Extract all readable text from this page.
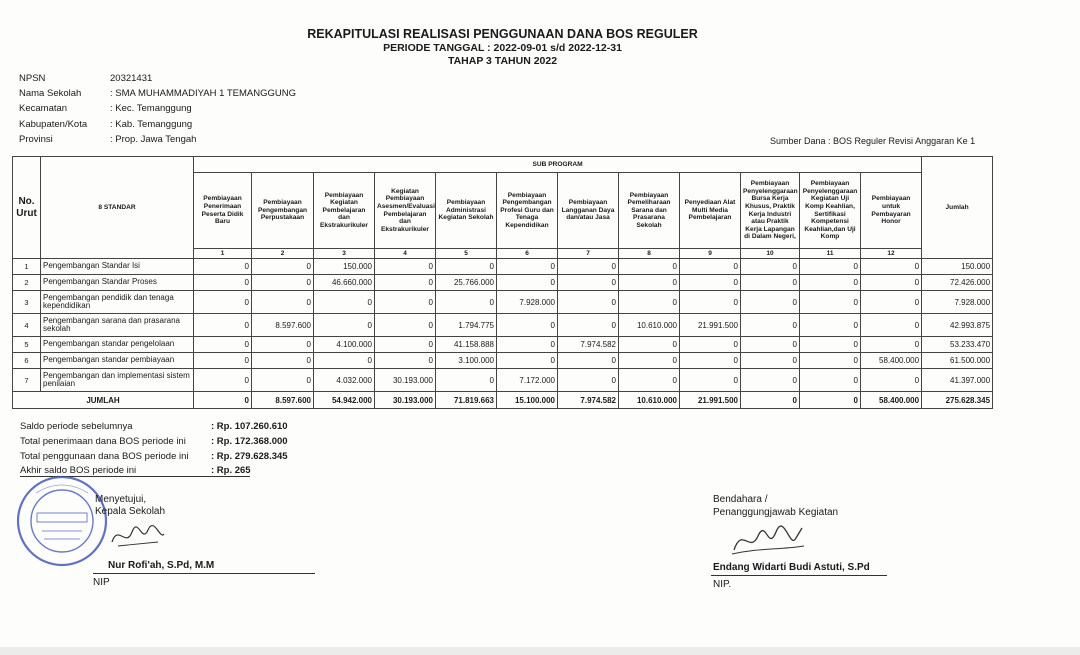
REKAPITULASI REALISASI PENGGUNAAN DANA BOS REGULER
PERIODE TANGGAL : 2022-09-01 s/d 2022-12-31
TAHAP 3 TAHUN 2022
NPSN	20321431
Nama Sekolah	: SMA MUHAMMADIYAH 1 TEMANGGUNG
Kecamatan	: Kec. Temanggung
Kabupaten/Kota : Kab. Temanggung
Provinsi	: Prop. Jawa Tengah	Sumber Dana : BOS Reguler Revisi Anggaran Ke 1
No. Urut	8 STANDAR	SUB PROGRAM												Jumlah
		Pembiayaan Penerimaan Peserta Didik Baru	Pembiayaan Pengembangan Perpustakaan	Pembiayaan Kegiatan Pembelajaran dan Ekstrakurikuler	Kegiatan Pembiayaan Asesmen/Evaluasi Pembelajaran dan Ekstrakurikuler	Pembiayaan Administrasi Kegiatan Sekolah	Pembiayaan Pengembangan Profesi Guru dan Tenaga Kependidikan	Pembiayaan Langganan Daya dan/atau Jasa	Pembiayaan Pemeliharaan Sarana dan Prasarana Sekolah	Penyediaan Alat Multi Media Pembelajaran	Pembiayaan Penyelenggaraan Bursa Kerja Khusus, Praktik Kerja Industri atau Praktik Kerja Lapangan di Dalam Negeri,	Pembiayaan Penyelenggaraan Kegiatan Uji Komp Keahlian, Sertifikasi Kompetensi Keahlian,dan Uji Komp	Pembiayaan untuk Pembayaran Honor	
		1	2	3	4	5	6	7	8	9	10	11	12	
1	Pengembangan Standar Isi	0	0	150.000	0	0	0	0	0	0	0	0	0	150.000
2	Pengembangan Standar Proses	0	0	46.660.000	0	25.766.000	0	0	0	0	0	0	0	72.426.000
3	Pengembangan pendidik dan tenaga kependidikan	0	0	0	0	0	7.928.000	0	0	0	0	0	0	7.928.000
4	Pengembangan sarana dan prasarana sekolah	0	8.597.600	0	0	1.794.775	0	0	10.610.000	21.991.500	0	0	0	42.993.875
5	Pengembangan standar pengelolaan	0	0	4.100.000	0	41.158.888	0	7.974.582	0	0	0	0	0	53.233.470
6	Pengembangan standar pembiayaan	0	0	0	0	3.100.000	0	0	0	0	0	0	58.400.000	61.500.000
7	Pengembangan dan implementasi sistem penilaian	0	0	4.032.000	30.193.000	0	7.172.000	0	0	0	0	0	0	41.397.000
JUMLAH		0	8.597.600	54.942.000	30.193.000	71.819.663	15.100.000	7.974.582	10.610.000	21.991.500	0	0	58.400.000	275.628.345
Saldo periode sebelumnya	: Rp. 107.260.610
Total penerimaan dana BOS periode ini	: Rp. 172.368.000
Total penggunaan dana BOS periode ini : Rp. 279.628.345
Akhir saldo BOS periode ini	: Rp. 265
Menyetujui,
Kepala Sekolah
Nur Rofi'ah, S.Pd, M.M
NIP
Bendahara /
Penanggungjawab Kegiatan
Endang Widarti Budi Astuti, S.Pd
NIP.
